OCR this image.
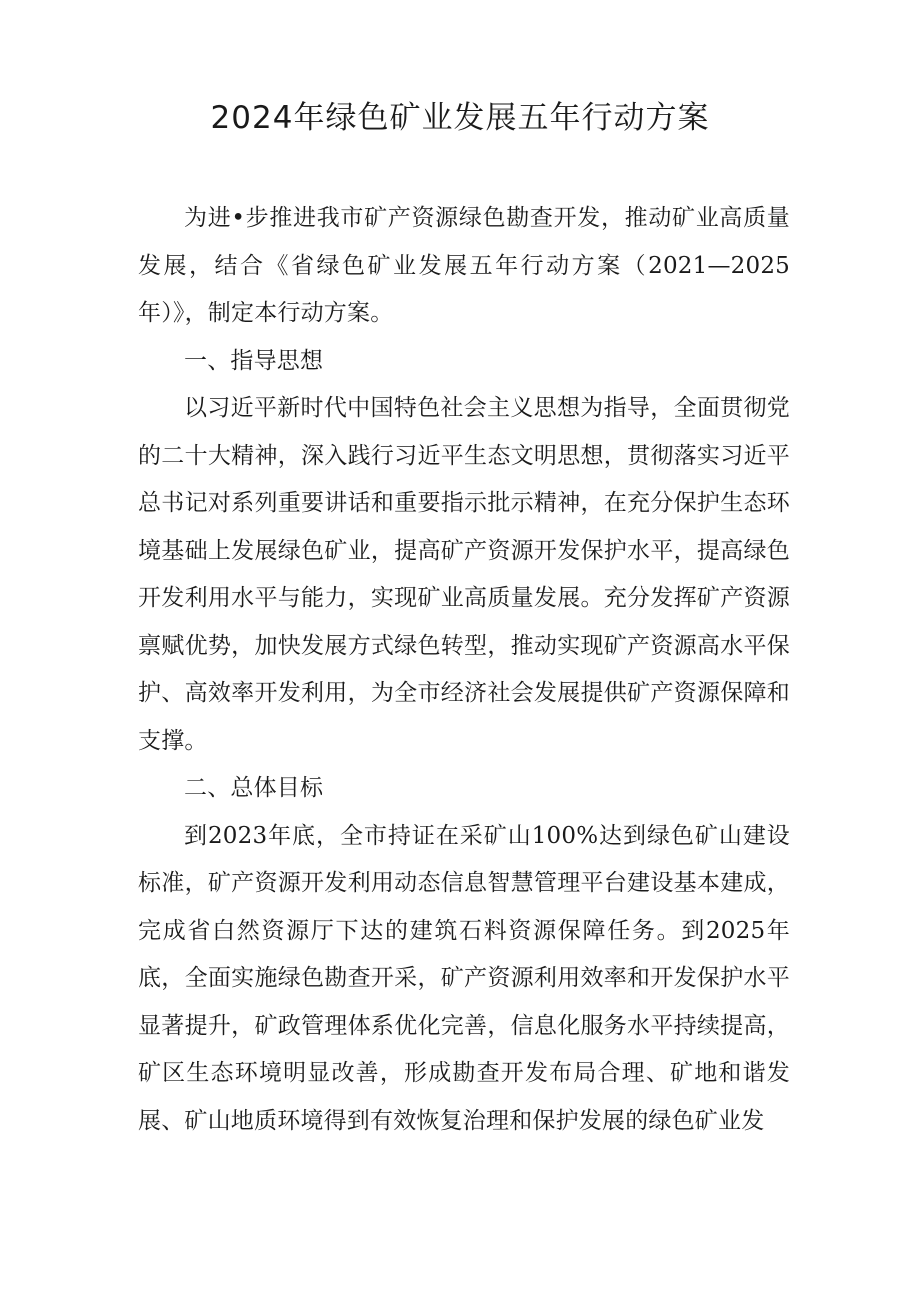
2024年绿色矿业发展五年行动方案

为进•步推进我市矿产资源绿色勘查开发，推动矿业高质量发展，结合《省绿色矿业发展五年行动方案（2021—2025年）》，制定本行动方案。

一、指导思想

以习近平新时代中国特色社会主义思想为指导，全面贯彻党的二十大精神，深入践行习近平生态文明思想，贯彻落实习近平总书记对系列重要讲话和重要指示批示精神，在充分保护生态环境基础上发展绿色矿业，提高矿产资源开发保护水平，提高绿色开发利用水平与能力，实现矿业高质量发展。充分发挥矿产资源禀赋优势，加快发展方式绿色转型，推动实现矿产资源高水平保护、高效率开发利用，为全市经济社会发展提供矿产资源保障和支撑。

二、总体目标

到2023年底，全市持证在采矿山100%达到绿色矿山建设标准，矿产资源开发利用动态信息智慧管理平台建设基本建成，完成省白然资源厅下达的建筑石料资源保障任务。到2025年底，全面实施绿色勘查开采，矿产资源利用效率和开发保护水平显著提升，矿政管理体系优化完善，信息化服务水平持续提高，矿区生态环境明显改善，形成勘查开发布局合理、矿地和谐发展、矿山地质环境得到有效恢复治理和保护发展的绿色矿业发
